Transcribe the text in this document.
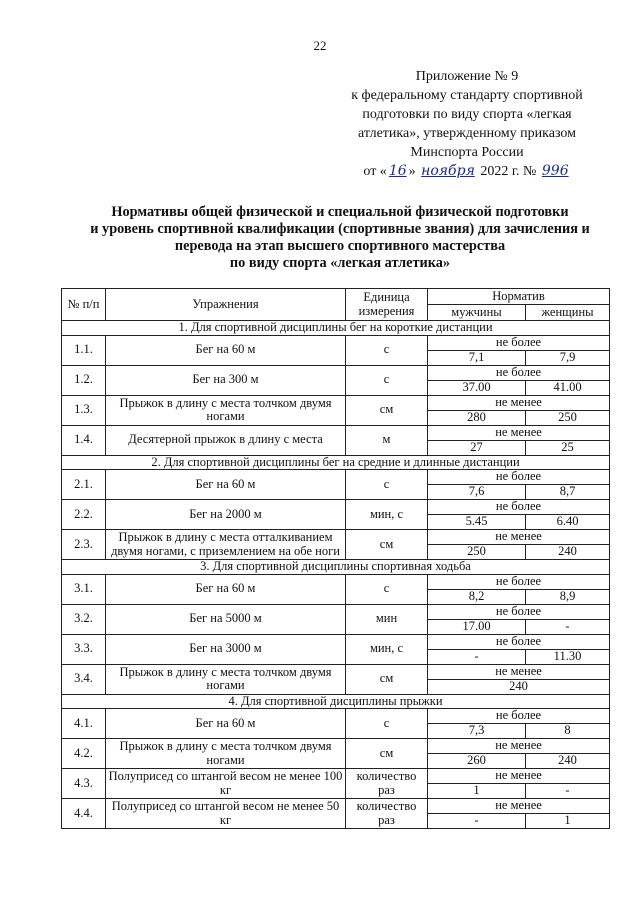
22
Приложение № 9
к федеральному стандарту спортивной
подготовки по виду спорта «легкая
атлетика», утвержденному приказом
Минспорта России
от « 16 » ноября 2022 г. № 996
Нормативы общей физической и специальной физической подготовки
и уровень спортивной квалификации (спортивные звания) для зачисления и
перевода на этап высшего спортивного мастерства
по виду спорта «легкая атлетика»
№ п/п	Упражнения	Единица измерения	Норматив	
			мужчины	женщины
1. Для спортивной дисциплины бег на короткие дистанции				
1.1.	Бег на 60 м	с	не более	
			7,1	7,9
1.2.	Бег на 300 м	с	не более	
			37.00	41.00
1.3.	Прыжок в длину с места толчком двумя ногами	см	не менее	
			280	250
1.4.	Десятерной прыжок в длину с места	м	не менее	
			27	25
2. Для спортивной дисциплины бег на средние и длинные дистанции				
2.1.	Бег на 60 м	с	не более	
			7,6	8,7
2.2.	Бег на 2000 м	мин, с	не более	
			5.45	6.40
2.3.	Прыжок в длину с места отталкиванием двумя ногами, с приземлением на обе ноги	см	не менее	
			250	240
3. Для спортивной дисциплины спортивная ходьба				
3.1.	Бег на 60 м	с	не более	
			8,2	8,9
3.2.	Бег на 5000 м	мин	не более	
			17.00	-
3.3.	Бег на 3000 м	мин, с	не более	
			-	11.30
3.4.	Прыжок в длину с места толчком двумя ногами	см	не менее	
			240	
4. Для спортивной дисциплины прыжки				
4.1.	Бег на 60 м	с	не более	
			7,3	8
4.2.	Прыжок в длину с места толчком двумя ногами	см	не менее	
			260	240
4.3.	Полуприсед со штангой весом не менее 100 кг	количество раз	не менее	
			1	-
4.4.	Полуприсед со штангой весом не менее 50 кг	количество раз	не менее	
			-	1
